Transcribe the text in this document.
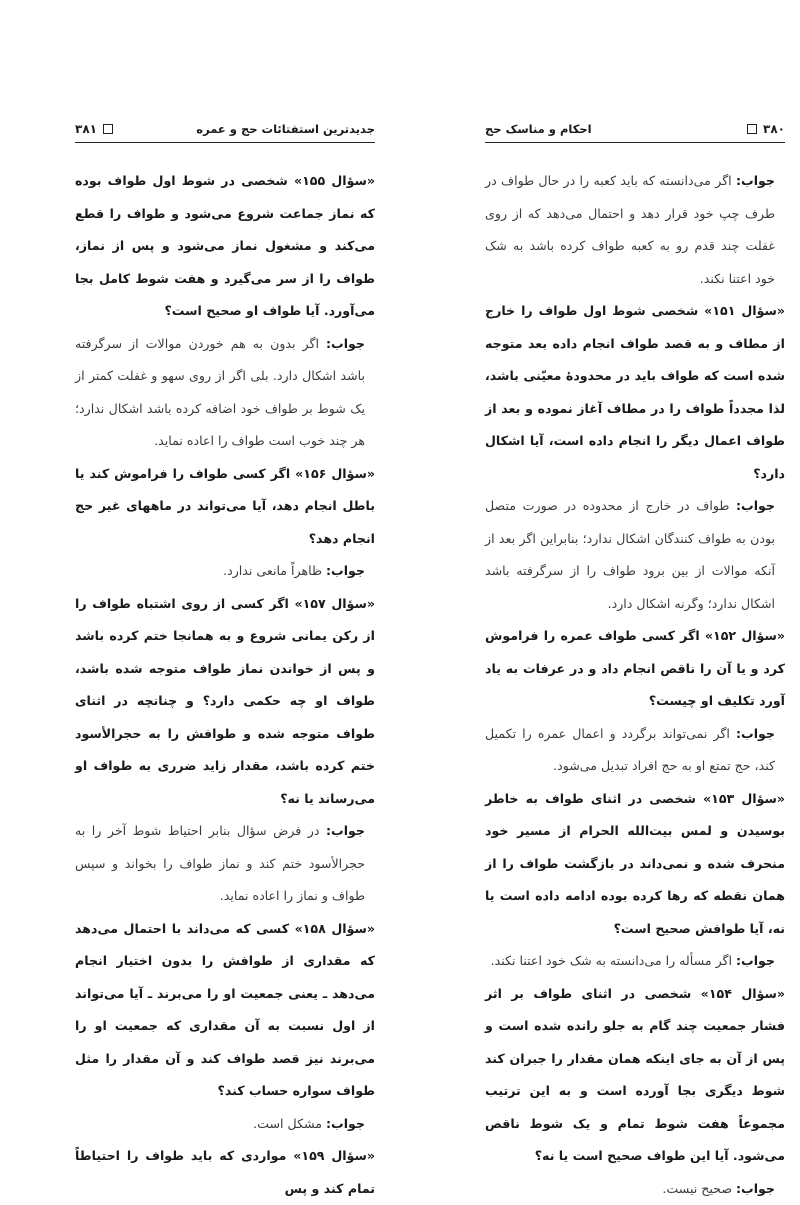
جدیدترین استفتائات حج و عمره
۳۸۱

«سؤال ۱۵۵» شخصی در شوط اول طواف بوده که نماز جماعت شروع می‌شود و طواف را قطع می‌کند و مشغول نماز می‌شود و پس از نماز، طواف را از سر می‌گیرد و هفت شوط کامل بجا می‌آورد. آیا طواف او صحیح است؟

جواب: اگر بدون به هم خوردن موالات از سرگرفته باشد اشکال دارد. بلی اگر از روی سهو و غفلت کمتر از یک شوط بر طواف خود اضافه کرده باشد اشکال ندارد؛ هر چند خوب است طواف را اعاده نماید.

«سؤال ۱۵۶» اگر کسی طواف را فراموش کند یا باطل انجام دهد، آیا می‌تواند در ماههای غیر حج انجام دهد؟

جواب: ظاهراً مانعی ندارد.

«سؤال ۱۵۷» اگر کسی از روی اشتباه طواف را از رکن یمانی شروع و به همانجا ختم کرده باشد و پس از خواندن نماز طواف متوجه شده باشد، طواف او چه حکمی دارد؟ و چنانچه در اثنای طواف متوجه شده و طوافش را به حجرالأسود ختم کرده باشد، مقدار زاید ضرری به طواف او می‌رساند یا نه؟

جواب: در فرض سؤال بنابر احتیاط شوط آخر را به حجرالأسود ختم کند و نماز طواف را بخواند و سپس طواف و نماز را اعاده نماید.

«سؤال ۱۵۸» کسی که می‌داند با احتمال می‌دهد که مقداری از طوافش را بدون اختیار انجام می‌دهد ـ یعنی جمعیت او را می‌برند ـ آیا می‌تواند از اول نسبت به آن مقداری که جمعیت او را می‌برند نیز قصد طواف کند و آن مقدار را مثل طواف سواره حساب کند؟

جواب: مشکل است.

«سؤال ۱۵۹» مواردی که باید طواف را احتیاطاً تمام کند و پس

۳۸۰
احکام و مناسک حج

جواب: اگر می‌دانسته که باید کعبه را در حال طواف در طرف چپ خود قرار دهد و احتمال می‌دهد که از روی غفلت چند قدم رو به کعبه طواف کرده باشد به شک خود اعتنا نکند.

«سؤال ۱۵۱» شخصی شوط اول طواف را خارج از مطاف و به قصد طواف انجام داده بعد متوجه شده است که طواف باید در محدودهٔ معیّنی باشد، لذا مجدداً طواف را در مطاف آغاز نموده و بعد از طواف اعمال دیگر را انجام داده است، آیا اشکال دارد؟

جواب: طواف در خارج از محدوده در صورت متصل بودن به طواف کنندگان اشکال ندارد؛ بنابراین اگر بعد از آنکه موالات از بین برود طواف را از سرگرفته باشد اشکال ندارد؛ وگرنه اشکال دارد.

«سؤال ۱۵۲» اگر کسی طواف عمره را فراموش کرد و یا آن را ناقص انجام داد و در عرفات به یاد آورد تکلیف او چیست؟

جواب: اگر نمی‌تواند برگردد و اعمال عمره را تکمیل کند، حج تمتع او به حج افراد تبدیل می‌شود.

«سؤال ۱۵۳» شخصی در اثنای طواف به خاطر بوسیدن و لمس بیت‌الله الحرام از مسیر خود منحرف شده و نمی‌داند در بازگشت طواف را از همان نقطه که رها کرده بوده ادامه داده است یا نه، آیا طوافش صحیح است؟

جواب: اگر مسأله را می‌دانسته به شک خود اعتنا نکند.

«سؤال ۱۵۴» شخصی در اثنای طواف بر اثر فشار جمعیت چند گام به جلو رانده شده است و پس از آن به جای اینکه همان مقدار را جبران کند شوط دیگری بجا آورده است و به این ترتیب مجموعاً هفت شوط تمام و یک شوط ناقص می‌شود. آیا این طواف صحیح است یا نه؟

جواب: صحیح نیست.
